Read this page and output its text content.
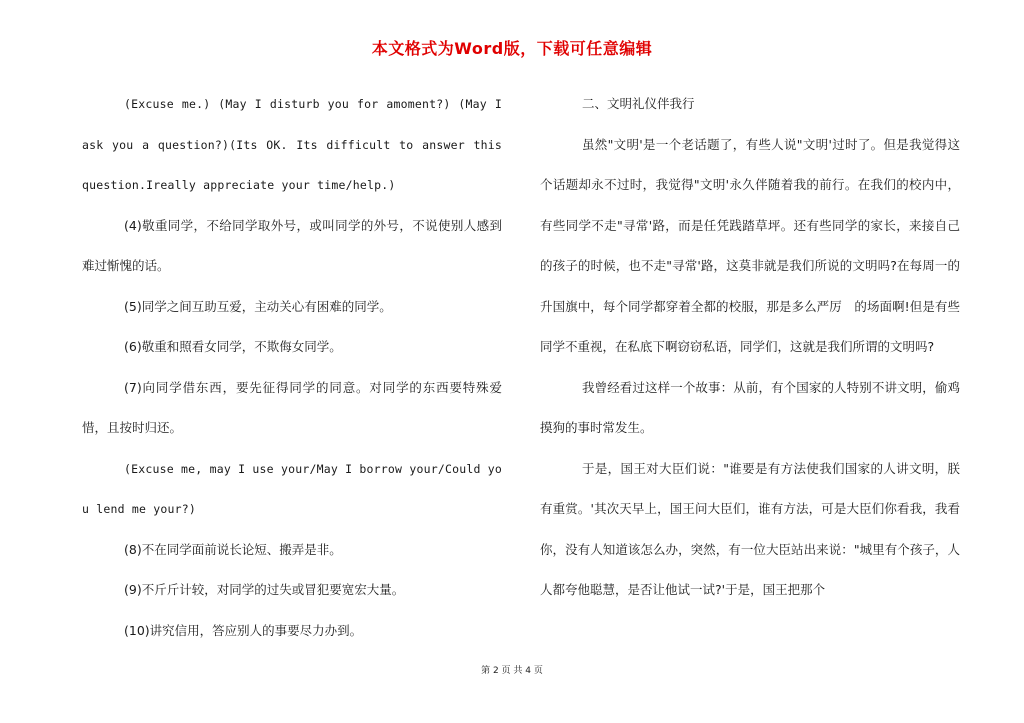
本文格式为Word版，下载可任意编辑

(Excuse me.) (May I disturb you for amoment?) (May I ask you a question?)(Its OK. Its difficult to answer this question.Ireally appreciate your time/help.)

(4)敬重同学，不给同学取外号，或叫同学的外号，不说使别人感到难过惭愧的话。

(5)同学之间互助互爱，主动关心有困难的同学。

(6)敬重和照看女同学，不欺侮女同学。

(7)向同学借东西，要先征得同学的同意。对同学的东西要特殊爱惜，且按时归还。

(Excuse me, may I use your/May I borrow your/Could you lend me your?)

(8)不在同学面前说长论短、搬弄是非。

(9)不斤斤计较，对同学的过失或冒犯要宽宏大量。

(10)讲究信用，答应别人的事要尽力办到。

二、文明礼仪伴我行

虽然"文明'是一个老话题了，有些人说"文明'过时了。但是我觉得这个话题却永不过时，我觉得"文明'永久伴随着我的前行。在我们的校内中，有些同学不走"寻常'路，而是任凭践踏草坪。还有些同学的家长，来接自己的孩子的时候，也不走"寻常'路，这莫非就是我们所说的文明吗?在每周一的升国旗中，每个同学都穿着全都的校服，那是多么严厉　的场面啊!但是有些同学不重视，在私底下啊窃窃私语，同学们，这就是我们所谓的文明吗?

我曾经看过这样一个故事：从前，有个国家的人特别不讲文明，偷鸡摸狗的事时常发生。

于是，国王对大臣们说："谁要是有方法使我们国家的人讲文明，朕有重赏。'其次天早上，国王问大臣们，谁有方法，可是大臣们你看我，我看你，没有人知道该怎么办，突然，有一位大臣站出来说："城里有个孩子，人人都夸他聪慧，是否让他试一试?'于是，国王把那个

第 2 页 共 4 页
